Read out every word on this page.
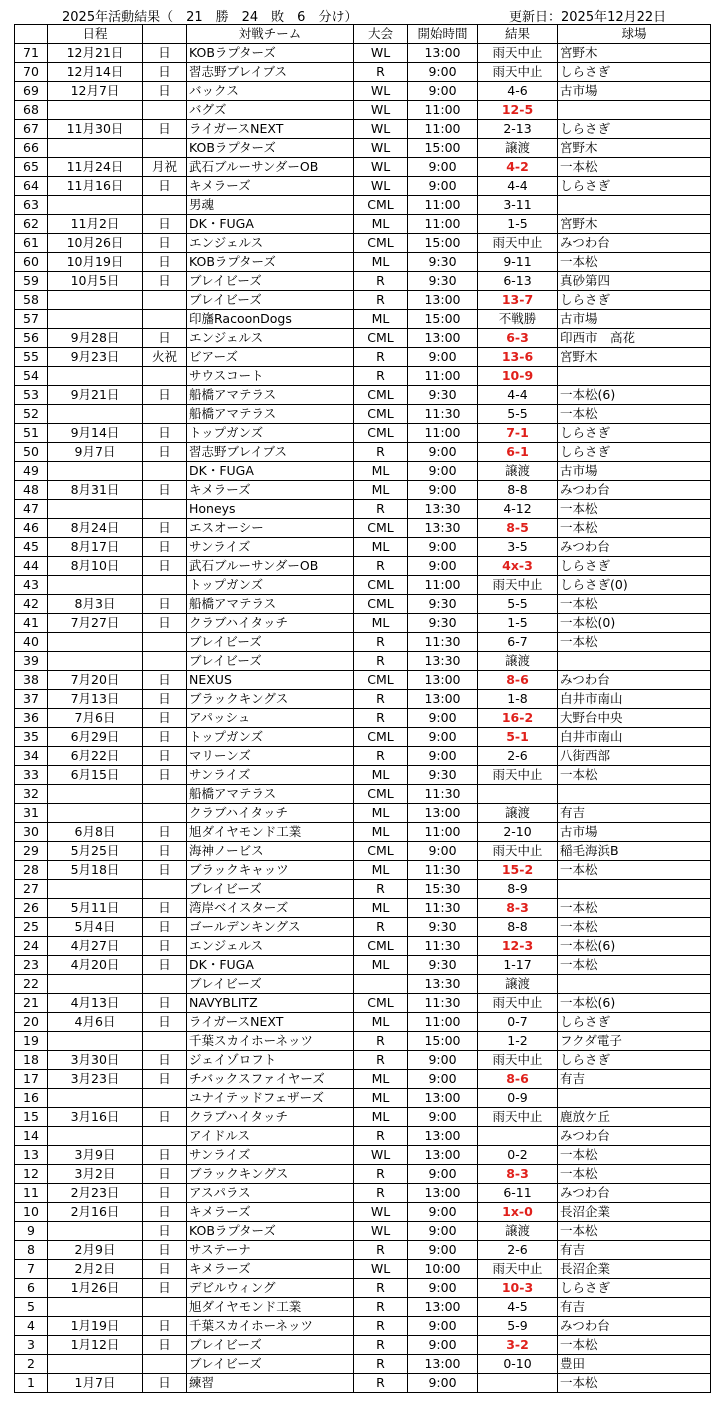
2025年活動結果（　21　勝　24　敗　6　分け）	更新日：2025年12月22日
	日程		対戦チーム	大会	開始時間	結果	球場
71	12月21日	日	KOBラプターズ	WL	13:00	雨天中止	宮野木
70	12月14日	日	習志野ブレイブス	R	9:00	雨天中止	しらさぎ
69	12月7日	日	バックス	WL	9:00	4-6	古市場
68			バグズ	WL	11:00	12-5	
67	11月30日	日	ライガースNEXT	WL	11:00	2-13	しらさぎ
66			KOBラプターズ	WL	15:00	譲渡	宮野木
65	11月24日	月祝	武石ブルーサンダーOB	WL	9:00	4-2	一本松
64	11月16日	日	キメラーズ	WL	9:00	4-4	しらさぎ
63			男魂	CML	11:00	3-11	
62	11月2日	日	DK・FUGA	ML	11:00	1-5	宮野木
61	10月26日	日	エンジェルス	CML	15:00	雨天中止	みつわ台
60	10月19日	日	KOBラプターズ	ML	9:30	9-11	一本松
59	10月5日	日	ブレイビーズ	R	9:30	6-13	真砂第四
58			ブレイビーズ	R	13:00	13-7	しらさぎ
57			印旛RacoonDogs	ML	15:00	不戦勝	古市場
56	9月28日	日	エンジェルス	CML	13:00	6-3	印西市　高花
55	9月23日	火祝	ビアーズ	R	9:00	13-6	宮野木
54			サウスコート	R	11:00	10-9	
53	9月21日	日	船橋アマテラス	CML	9:30	4-4	一本松(6)
52			船橋アマテラス	CML	11:30	5-5	一本松
51	9月14日	日	トップガンズ	CML	11:00	7-1	しらさぎ
50	9月7日	日	習志野ブレイブス	R	9:00	6-1	しらさぎ
49			DK・FUGA	ML	9:00	譲渡	古市場
48	8月31日	日	キメラーズ	ML	9:00	8-8	みつわ台
47			Honeys	R	13:30	4-12	一本松
46	8月24日	日	エスオーシー	CML	13:30	8-5	一本松
45	8月17日	日	サンライズ	ML	9:00	3-5	みつわ台
44	8月10日	日	武石ブルーサンダーOB	R	9:00	4x-3	しらさぎ
43			トップガンズ	CML	11:00	雨天中止	しらさぎ(0)
42	8月3日	日	船橋アマテラス	CML	9:30	5-5	一本松
41	7月27日	日	クラブハイタッチ	ML	9:30	1-5	一本松(0)
40			ブレイビーズ	R	11:30	6-7	一本松
39			ブレイビーズ	R	13:30	譲渡	
38	7月20日	日	NEXUS	CML	13:00	8-6	みつわ台
37	7月13日	日	ブラックキングス	R	13:00	1-8	白井市南山
36	7月6日	日	アパッシュ	R	9:00	16-2	大野台中央
35	6月29日	日	トップガンズ	CML	9:00	5-1	白井市南山
34	6月22日	日	マリーンズ	R	9:00	2-6	八街西部
33	6月15日	日	サンライズ	ML	9:30	雨天中止	一本松
32			船橋アマテラス	CML	11:30		
31			クラブハイタッチ	ML	13:00	譲渡	有吉
30	6月8日	日	旭ダイヤモンド工業	ML	11:00	2-10	古市場
29	5月25日	日	海神ノービス	CML	9:00	雨天中止	稲毛海浜B
28	5月18日	日	ブラックキャッツ	ML	11:30	15-2	一本松
27			ブレイビーズ	R	15:30	8-9	
26	5月11日	日	湾岸ベイスターズ	ML	11:30	8-3	一本松
25	5月4日	日	ゴールデンキングス	R	9:30	8-8	一本松
24	4月27日	日	エンジェルス	CML	11:30	12-3	一本松(6)
23	4月20日	日	DK・FUGA	ML	9:30	1-17	一本松
22			ブレイビーズ		13:30	譲渡	
21	4月13日	日	NAVYBLITZ	CML	11:30	雨天中止	一本松(6)
20	4月6日	日	ライガースNEXT	ML	11:00	0-7	しらさぎ
19			千葉スカイホーネッツ	R	15:00	1-2	フクダ電子
18	3月30日	日	ジェイゾロフト	R	9:00	雨天中止	しらさぎ
17	3月23日	日	チバックスファイヤーズ	ML	9:00	8-6	有吉
16			ユナイテッドフェザーズ	ML	13:00	0-9	
15	3月16日	日	クラブハイタッチ	ML	9:00	雨天中止	鹿放ケ丘
14			アイドルス	R	13:00		みつわ台
13	3月9日	日	サンライズ	WL	13:00	0-2	一本松
12	3月2日	日	ブラックキングス	R	9:00	8-3	一本松
11	2月23日	日	アスパラス	R	13:00	6-11	みつわ台
10	2月16日	日	キメラーズ	WL	9:00	1x-0	長沼企業
9		日	KOBラプターズ	WL	9:00	譲渡	一本松
8	2月9日	日	サステーナ	R	9:00	2-6	有吉
7	2月2日	日	キメラーズ	WL	10:00	雨天中止	長沼企業
6	1月26日	日	デビルウィング	R	9:00	10-3	しらさぎ
5			旭ダイヤモンド工業	R	13:00	4-5	有吉
4	1月19日	日	千葉スカイホーネッツ	R	9:00	5-9	みつわ台
3	1月12日	日	ブレイビーズ	R	9:00	3-2	一本松
2			ブレイビーズ	R	13:00	0-10	豊田
1	1月7日	日	練習	R	9:00		一本松
